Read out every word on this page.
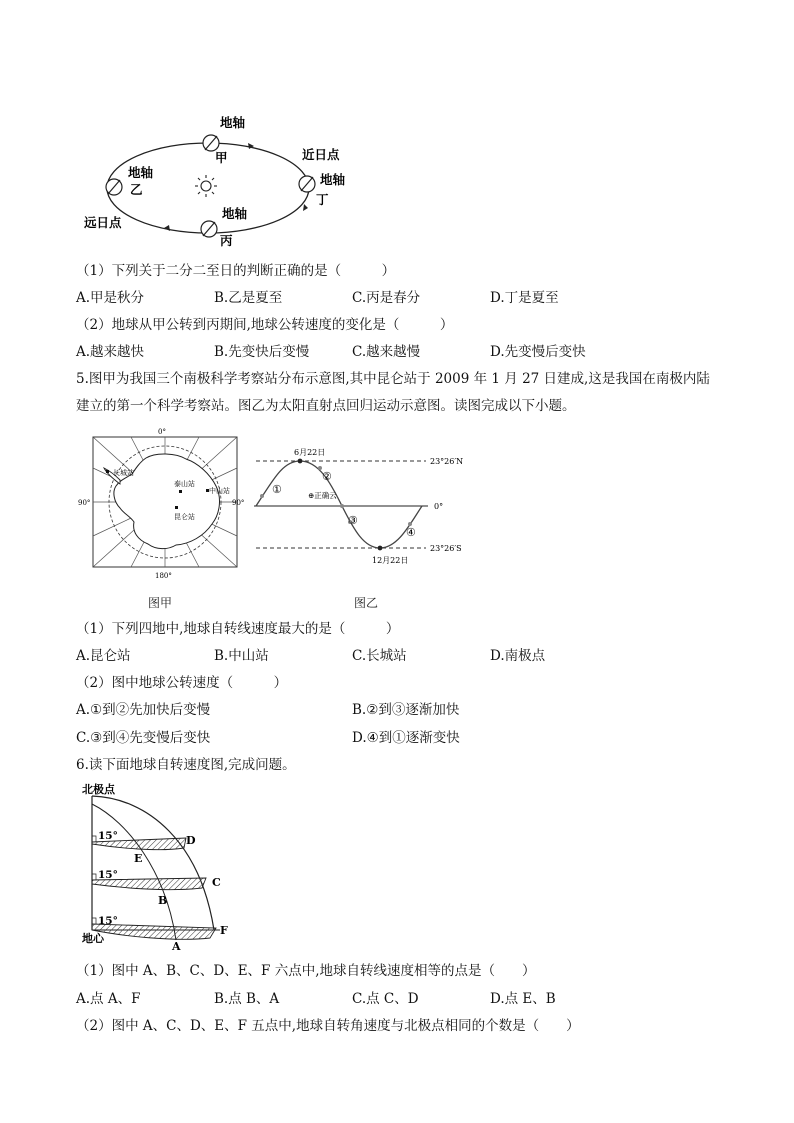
地轴
甲	近日点
地轴
丁
地轴
乙
远日点
地轴
丙
（1）下列关于二分二至日的判断正确的是（　　　）
A.甲是秋分	B.乙是夏至	C.丙是春分	D.丁是夏至
（2）地球从甲公转到丙期间,地球公转速度的变化是（　　　）
A.越来越快	B.先变快后变慢	C.越来越慢	D.先变慢后变快
5.图甲为我国三个南极科学考察站分布示意图,其中昆仑站于 2009 年 1 月 27 日建成,这是我国在南极内陆
建立的第一个科学考察站。图乙为太阳直射点回归运动示意图。读图完成以下小题。
0°
180°
90°	90°
长城站
泰山站
中山站
昆仑站
图甲
6月22日
12月22日
23°26′N
0°
23°26′S
①
②
③
④
⊕正确云
图乙
（1）下列四地中,地球自转线速度最大的是（　　　）
A.昆仑站	B.中山站	C.长城站	D.南极点
（2）图中地球公转速度（　　　）
A.①到②先加快后变慢	B.②到③逐渐加快
C.③到④先变慢后变快	D.④到①逐渐变快
6.读下面地球自转速度图,完成问题。
北极点
地心
15°
15°
15°
D
E
C
B
F
A
（1）图中 A、B、C、D、E、F 六点中,地球自转线速度相等的点是（　　）
A.点 A、F	B.点 B、A	C.点 C、D	D.点 E、B
（2）图中 A、C、D、E、F 五点中,地球自转角速度与北极点相同的个数是（　　）
